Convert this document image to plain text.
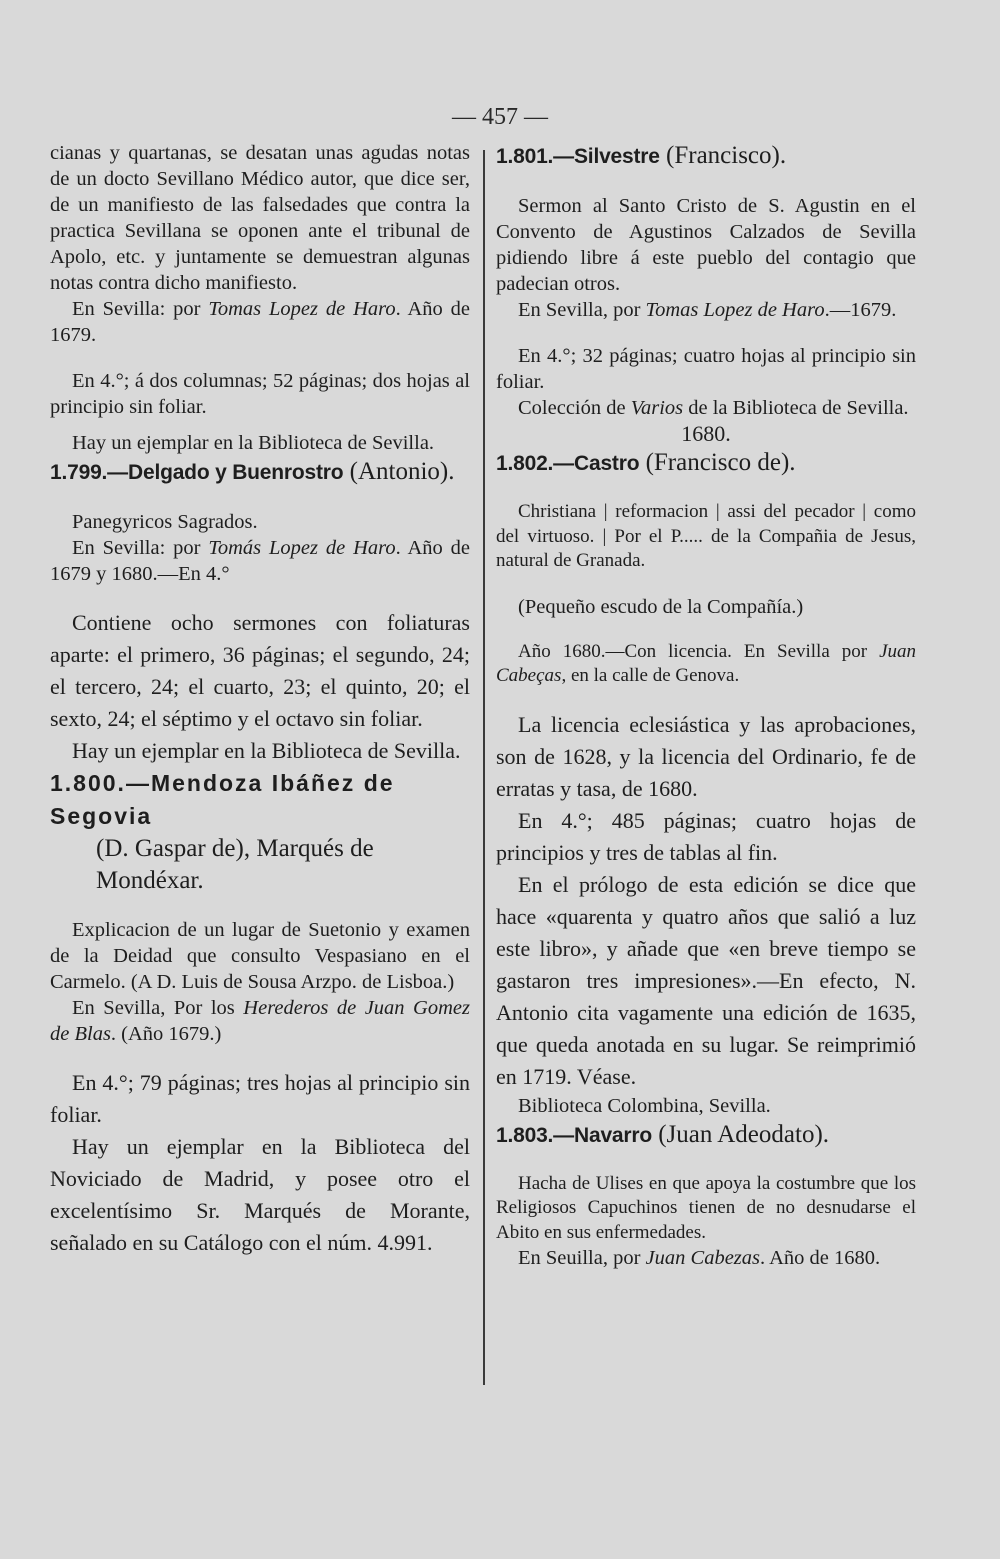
— 457 —

cianas y quartanas, se desatan unas agudas notas de un docto Sevillano Médico autor, que dice ser, de un manifiesto de las falsedades que contra la practica Sevillana se oponen ante el tribunal de Apolo, etc. y juntamente se demuestran algunas notas contra dicho manifiesto.

En Sevilla: por Tomas Lopez de Haro. Año de 1679.

En 4.°; á dos columnas; 52 páginas; dos hojas al principio sin foliar.

Hay un ejemplar en la Biblioteca de Sevilla.

1.799.—Delgado y Buenrostro (Antonio).

Panegyricos Sagrados.

En Sevilla: por Tomás Lopez de Haro. Año de 1679 y 1680.—En 4.°

Contiene ocho sermones con foliaturas aparte: el primero, 36 páginas; el segundo, 24; el tercero, 24; el cuarto, 23; el quinto, 20; el sexto, 24; el séptimo y el octavo sin foliar.

Hay un ejemplar en la Biblioteca de Sevilla.

1.800.—Mendoza Ibáñez de Segovia
(D. Gaspar de), Marqués de Mondéxar.

Explicacion de un lugar de Suetonio y examen de la Deidad que consulto Vespasiano en el Carmelo. (A D. Luis de Sousa Arzpo. de Lisboa.)

En Sevilla, Por los Herederos de Juan Gomez de Blas. (Año 1679.)

En 4.°; 79 páginas; tres hojas al principio sin foliar.

Hay un ejemplar en la Biblioteca del Noviciado de Madrid, y posee otro el excelentísimo Sr. Marqués de Morante, señalado en su Catálogo con el núm. 4.991.

1.801.—Silvestre (Francisco).

Sermon al Santo Cristo de S. Agustin en el Convento de Agustinos Calzados de Sevilla pidiendo libre á este pueblo del contagio que padecian otros.

En Sevilla, por Tomas Lopez de Haro.—1679.

En 4.°; 32 páginas; cuatro hojas al principio sin foliar.

Colección de Varios de la Biblioteca de Sevilla.

1680.

1.802.—Castro (Francisco de).

Christiana | reformacion | assi del pecador | como del virtuoso. | Por el P..... de la Compañia de Jesus, natural de Granada.

(Pequeño escudo de la Compañía.)

Año 1680.—Con licencia. En Sevilla por Juan Cabeças, en la calle de Genova.

La licencia eclesiástica y las aprobaciones, son de 1628, y la licencia del Ordinario, fe de erratas y tasa, de 1680.

En 4.°; 485 páginas; cuatro hojas de principios y tres de tablas al fin.

En el prólogo de esta edición se dice que hace «quarenta y quatro años que salió a luz este libro», y añade que «en breve tiempo se gastaron tres impresiones».—En efecto, N. Antonio cita vagamente una edición de 1635, que queda anotada en su lugar. Se reimprimió en 1719. Véase.

Biblioteca Colombina, Sevilla.

1.803.—Navarro (Juan Adeodato).

Hacha de Ulises en que apoya la costumbre que los Religiosos Capuchinos tienen de no desnudarse el Abito en sus enfermedades.

En Seuilla, por Juan Cabezas. Año de 1680.
